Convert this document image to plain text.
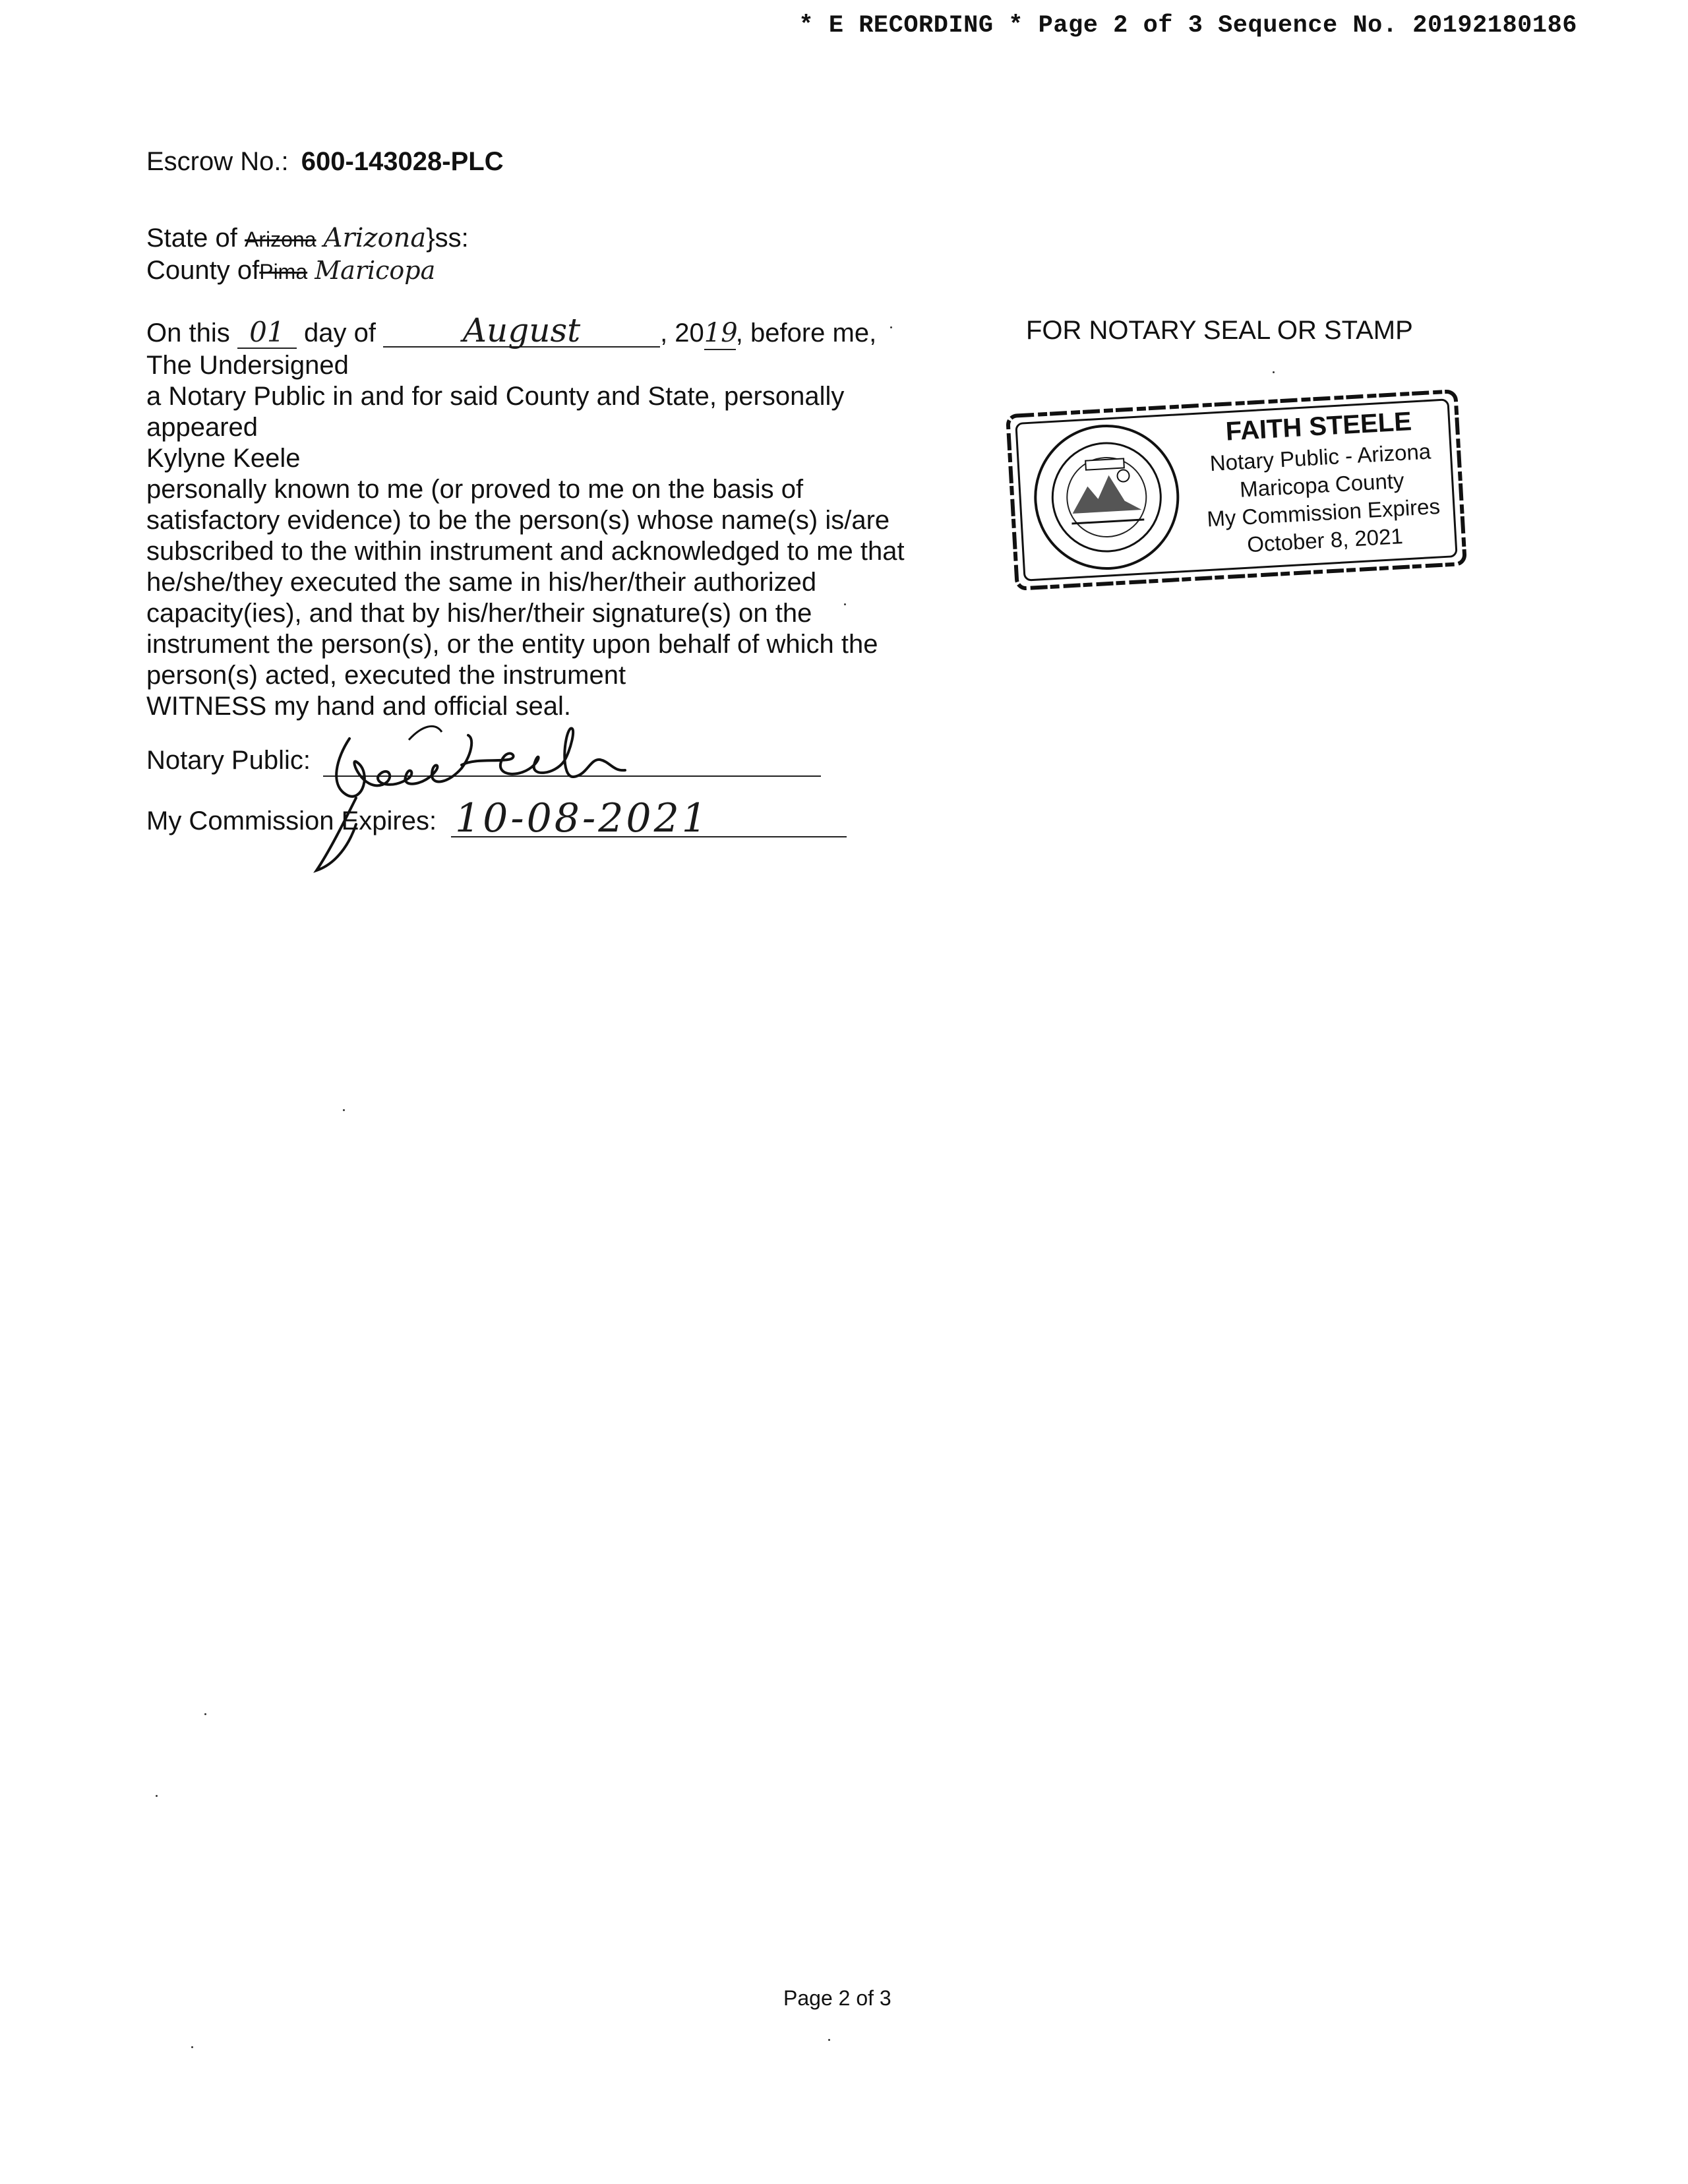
* E RECORDING * Page 2 of 3 Sequence No. 20192180186
Escrow No.: 600-143028-PLC
State of Arizona Arizona}ss:
County ofPima Maricopa
On this 01 day of	August	, 2019, before me,
The Undersigned
a Notary Public in and for said County and State, personally
appeared
Kylyne Keele
personally known to me (or proved to me on the basis of
satisfactory evidence) to be the person(s) whose name(s) is/are
subscribed to the within instrument and acknowledged to me that
he/she/they executed the same in his/her/their authorized
capacity(ies), and that by his/her/their signature(s) on the
instrument the person(s), or the entity upon behalf of which the
person(s) acted, executed the instrument
WITNESS my hand and official seal.
Notary Public:
My Commission Expires: 10-08-2021
FOR NOTARY SEAL OR STAMP
FAITH STEELE
Notary Public - Arizona
Maricopa County
My Commission Expires
October 8, 2021
Page 2 of 3
